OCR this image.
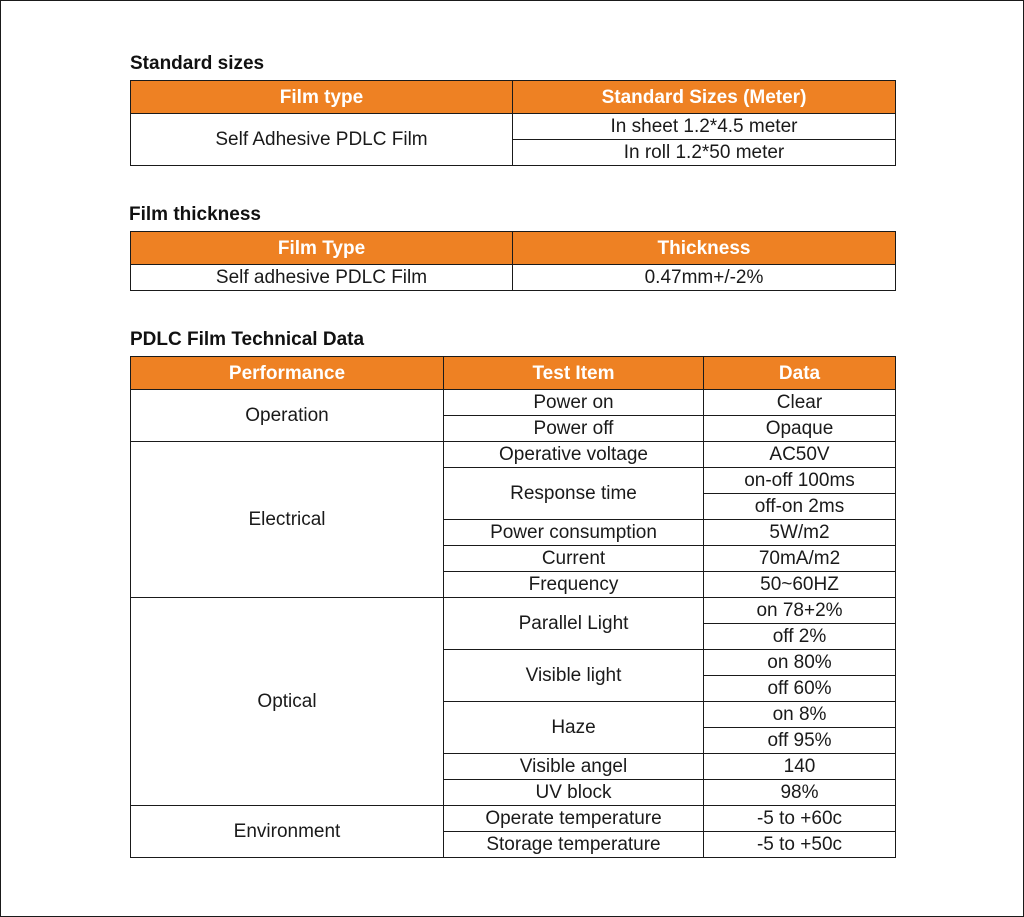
Standard sizes
Film type	Standard Sizes (Meter)
Self Adhesive PDLC Film	In sheet 1.2*4.5 meter
	In roll 1.2*50 meter
Film thickness
Film Type	Thickness
Self adhesive PDLC Film	0.47mm+/-2%
PDLC Film Technical Data
Performance	Test Item	Data
Operation	Power on	Clear
	Power off	Opaque
Electrical	Operative voltage	AC50V
	Response time	on-off 100ms
		off-on 2ms
	Power consumption	5W/m2
	Current	70mA/m2
	Frequency	50~60HZ
Optical	Parallel Light	on 78+2%
		off 2%
	Visible light	on 80%
		off 60%
	Haze	on 8%
		off 95%
	Visible angel	140
	UV block	98%
Environment	Operate temperature	-5 to +60c
	Storage temperature	-5 to +50c
